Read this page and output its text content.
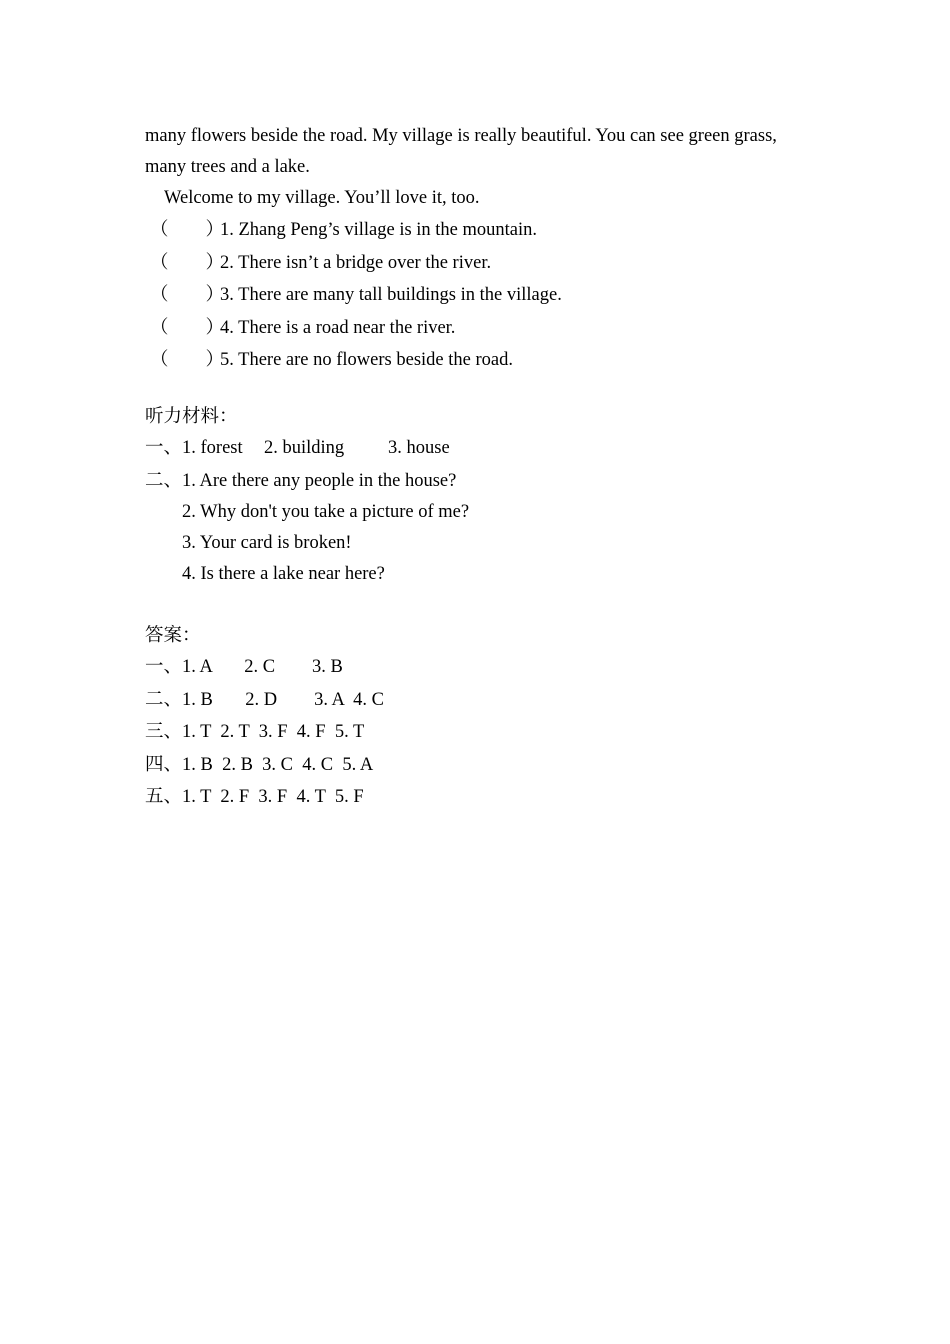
many flowers beside the road. My village is really beautiful. You can see green grass,
many trees and a lake.
Welcome to my village. You’ll love it, too.
（        ）
1. Zhang Peng’s village is in the mountain.
（        ）
2. There isn’t a bridge over the river.
（        ）
3. There are many tall buildings in the village.
（        ）
4. There is a road near the river.
（        ）
5. There are no flowers beside the road.
听力材料：
一、 1. forest 2. building 3. house
二、 1. Are there any people in the house?
2. Why don't you take a picture of me?
3. Your card is broken!
4. Is there a lake near here?
答案：
一、 1. A       2. C        3. B
二、 1. B       2. D        3. A  4. C
三、 1. T  2. T  3. F  4. F  5. T
四、 1. B  2. B  3. C  4. C  5. A
五、 1. T  2. F  3. F  4. T  5. F
